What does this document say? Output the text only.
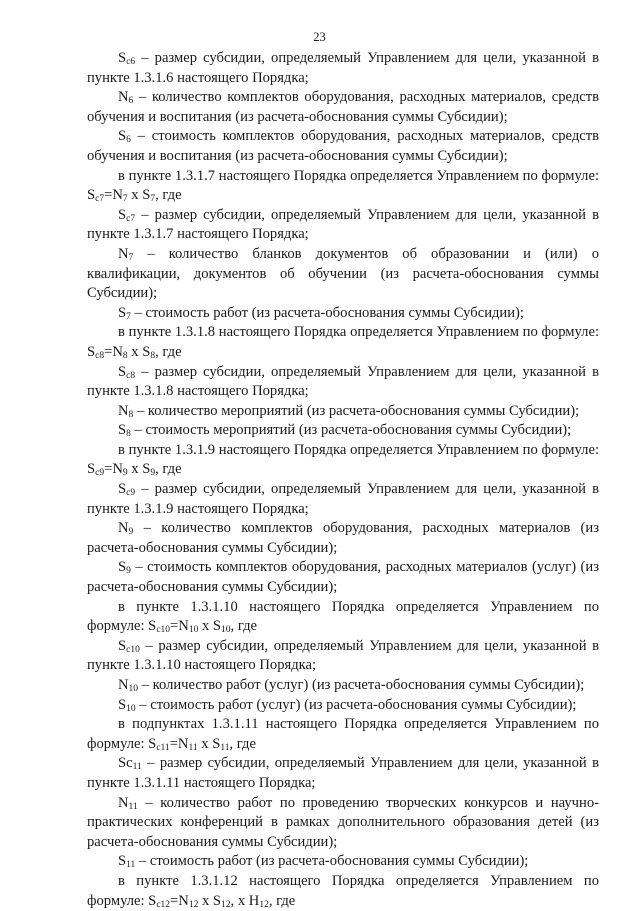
23

$S_{с6}$ – размер субсидии, определяемый Управлением для цели, указанной в пункте 1.3.1.6 настоящего Порядка;

$N_6$ – количество комплектов оборудования, расходных материалов, средств обучения и воспитания (из расчета-обоснования суммы Субсидии);

$S_6$ – стоимость комплектов оборудования, расходных материалов, средств обучения и воспитания (из расчета-обоснования суммы Субсидии);

в пункте 1.3.1.7 настоящего Порядка определяется Управлением по формуле: $S_{с7}=N_7$ x $S_7$, где

$S_{с7}$ – размер субсидии, определяемый Управлением для цели, указанной в пункте 1.3.1.7 настоящего Порядка;

$N_7$ – количество бланков документов об образовании и (или) о квалификации, документов об обучении (из расчета-обоснования суммы Субсидии);

$S_7$ – стоимость работ (из расчета-обоснования суммы Субсидии);

в пункте 1.3.1.8 настоящего Порядка определяется Управлением по формуле: $S_{с8}=N_8$ x $S_8$, где

$S_{с8}$ – размер субсидии, определяемый Управлением для цели, указанной в пункте 1.3.1.8 настоящего Порядка;

$N_8$ – количество мероприятий (из расчета-обоснования суммы Субсидии);

$S_8$ – стоимость мероприятий (из расчета-обоснования суммы Субсидии);

в пункте 1.3.1.9 настоящего Порядка определяется Управлением по формуле: $S_{с9}=N_9$ x $S_9$, где

$S_{с9}$ – размер субсидии, определяемый Управлением для цели, указанной в пункте 1.3.1.9 настоящего Порядка;

$N_9$ – количество комплектов оборудования, расходных материалов (из расчета-обоснования суммы Субсидии);

$S_9$ – стоимость комплектов оборудования, расходных материалов (услуг) (из расчета-обоснования суммы Субсидии);

в пункте 1.3.1.10 настоящего Порядка определяется Управлением по формуле: $S_{с10}=N_{10}$ x $S_{10}$, где

$S_{с10}$ – размер субсидии, определяемый Управлением для цели, указанной в пункте 1.3.1.10 настоящего Порядка;

$N_{10}$ – количество работ (услуг) (из расчета-обоснования суммы Субсидии);

$S_{10}$ – стоимость работ (услуг) (из расчета-обоснования суммы Субсидии);

в подпунктах 1.3.1.11 настоящего Порядка определяется Управлением по формуле: $S_{с11}=N_{11}$ x $S_{11}$, где

$Sс_{11}$ – размер субсидии, определяемый Управлением для цели, указанной в пункте 1.3.1.11 настоящего Порядка;

$N_{11}$ – количество работ по проведению творческих конкурсов и научно-практических конференций в рамках дополнительного образования детей (из расчета-обоснования суммы Субсидии);

$S_{11}$ – стоимость работ (из расчета-обоснования суммы Субсидии);

в пункте 1.3.1.12 настоящего Порядка определяется Управлением по формуле: $S_{с12}=N_{12}$ x $S_{12}$, x $H_{12}$, где
